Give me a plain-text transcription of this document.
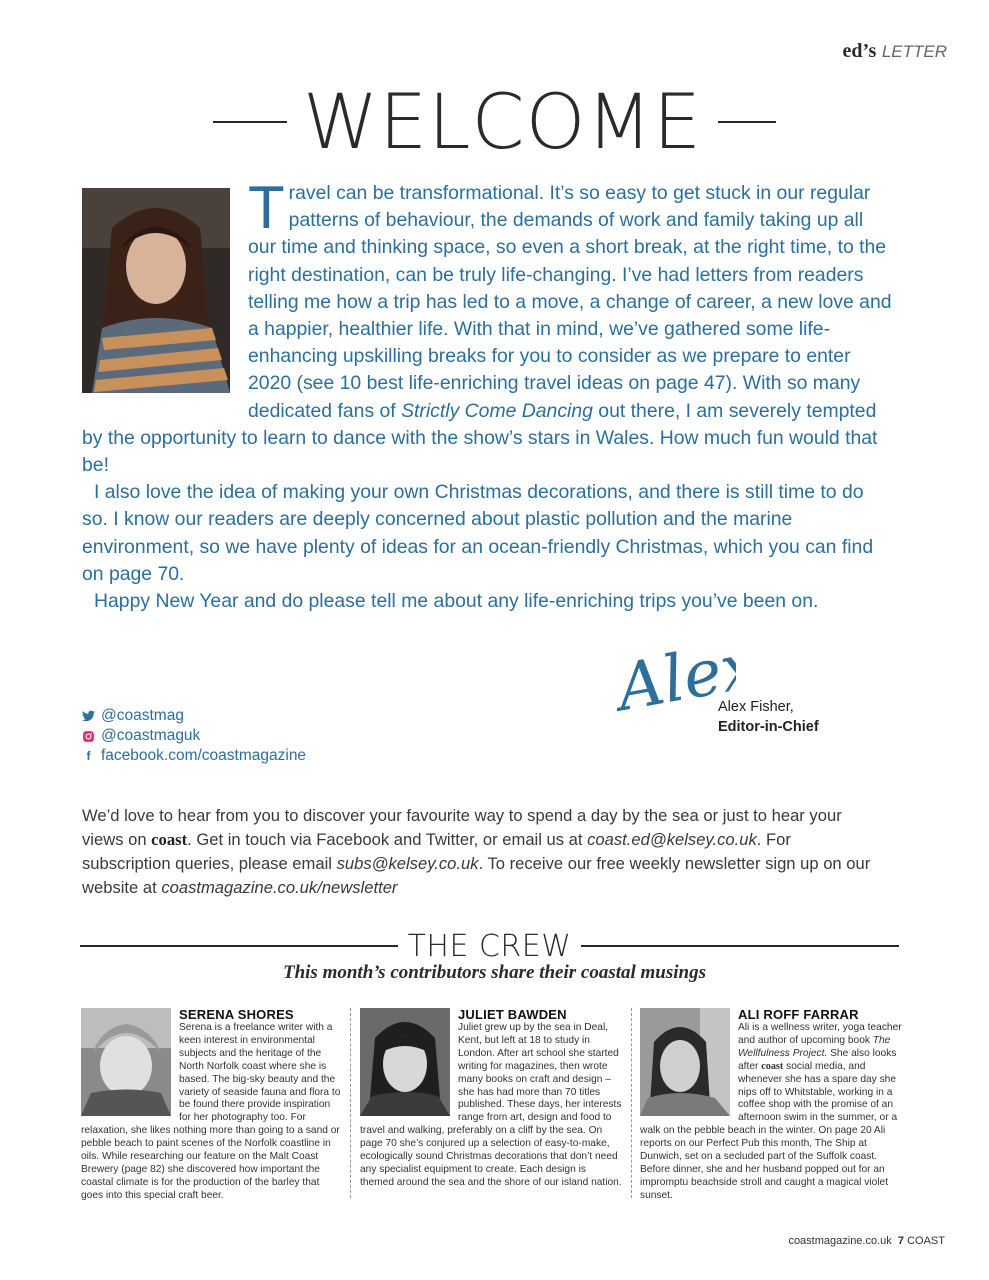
ed’s LETTER
WELCOME

Travel can be transformational. It’s so easy to get stuck in our regular patterns of behaviour, the demands of work and family taking up all our time and thinking space, so even a short break, at the right time, to the right destination, can be truly life-changing. I’ve had letters from readers telling me how a trip has led to a move, a change of career, a new love and a happier, healthier life. With that in mind, we’ve gathered some life-enhancing upskilling breaks for you to consider as we prepare to enter 2020 (see 10 best life-enriching travel ideas on page 47). With so many dedicated fans of Strictly Come Dancing out there, I am severely tempted by the opportunity to learn to dance with the show’s stars in Wales. How much fun would that be!

I also love the idea of making your own Christmas decorations, and there is still time to do so. I know our readers are deeply concerned about plastic pollution and the marine environment, so we have plenty of ideas for an ocean-friendly Christmas, which you can find on page 70.

Happy New Year and do please tell me about any life-enriching trips you’ve been on.

Alex
Alex Fisher,
Editor-in-Chief
@coastmag
@coastmaguk
f facebook.com/coastmagazine

We’d love to hear from you to discover your favourite way to spend a day by the sea or just to hear your views on coast. Get in touch via Facebook and Twitter, or email us at coast.ed@kelsey.co.uk. For subscription queries, please email subs@kelsey.co.uk. To receive our free weekly newsletter sign up on our website at coastmagazine.co.uk/newsletter

THE CREW
This month’s contributors share their coastal musings
SERENA SHORES

Serena is a freelance writer with a keen interest in environmental subjects and the heritage of the North Norfolk coast where she is based. The big-sky beauty and the variety of seaside fauna and flora to be found there provide inspiration for her photography too. For relaxation, she likes nothing more than going to a sand or pebble beach to paint scenes of the Norfolk coastline in oils. While researching our feature on the Malt Coast Brewery (page 82) she discovered how important the coastal climate is for the production of the barley that goes into this special craft beer.

JULIET BAWDEN

Juliet grew up by the sea in Deal, Kent, but left at 18 to study in London. After art school she started writing for magazines, then wrote many books on craft and design – she has had more than 70 titles published. These days, her interests range from art, design and food to travel and walking, preferably on a cliff by the sea. On page 70 she’s conjured up a selection of easy-to-make, ecologically sound Christmas decorations that don’t need any specialist equipment to create. Each design is themed around the sea and the shore of our island nation.

ALI ROFF FARRAR

Ali is a wellness writer, yoga teacher and author of upcoming book The Wellfulness Project. She also looks after coast social media, and whenever she has a spare day she nips off to Whitstable, working in a coffee shop with the promise of an afternoon swim in the summer, or a walk on the pebble beach in the winter. On page 20 Ali reports on our Perfect Pub this month, The Ship at Dunwich, set on a secluded part of the Suffolk coast. Before dinner, she and her husband popped out for an impromptu beachside stroll and caught a magical violet sunset.

coastmagazine.co.uk 7 COAST
